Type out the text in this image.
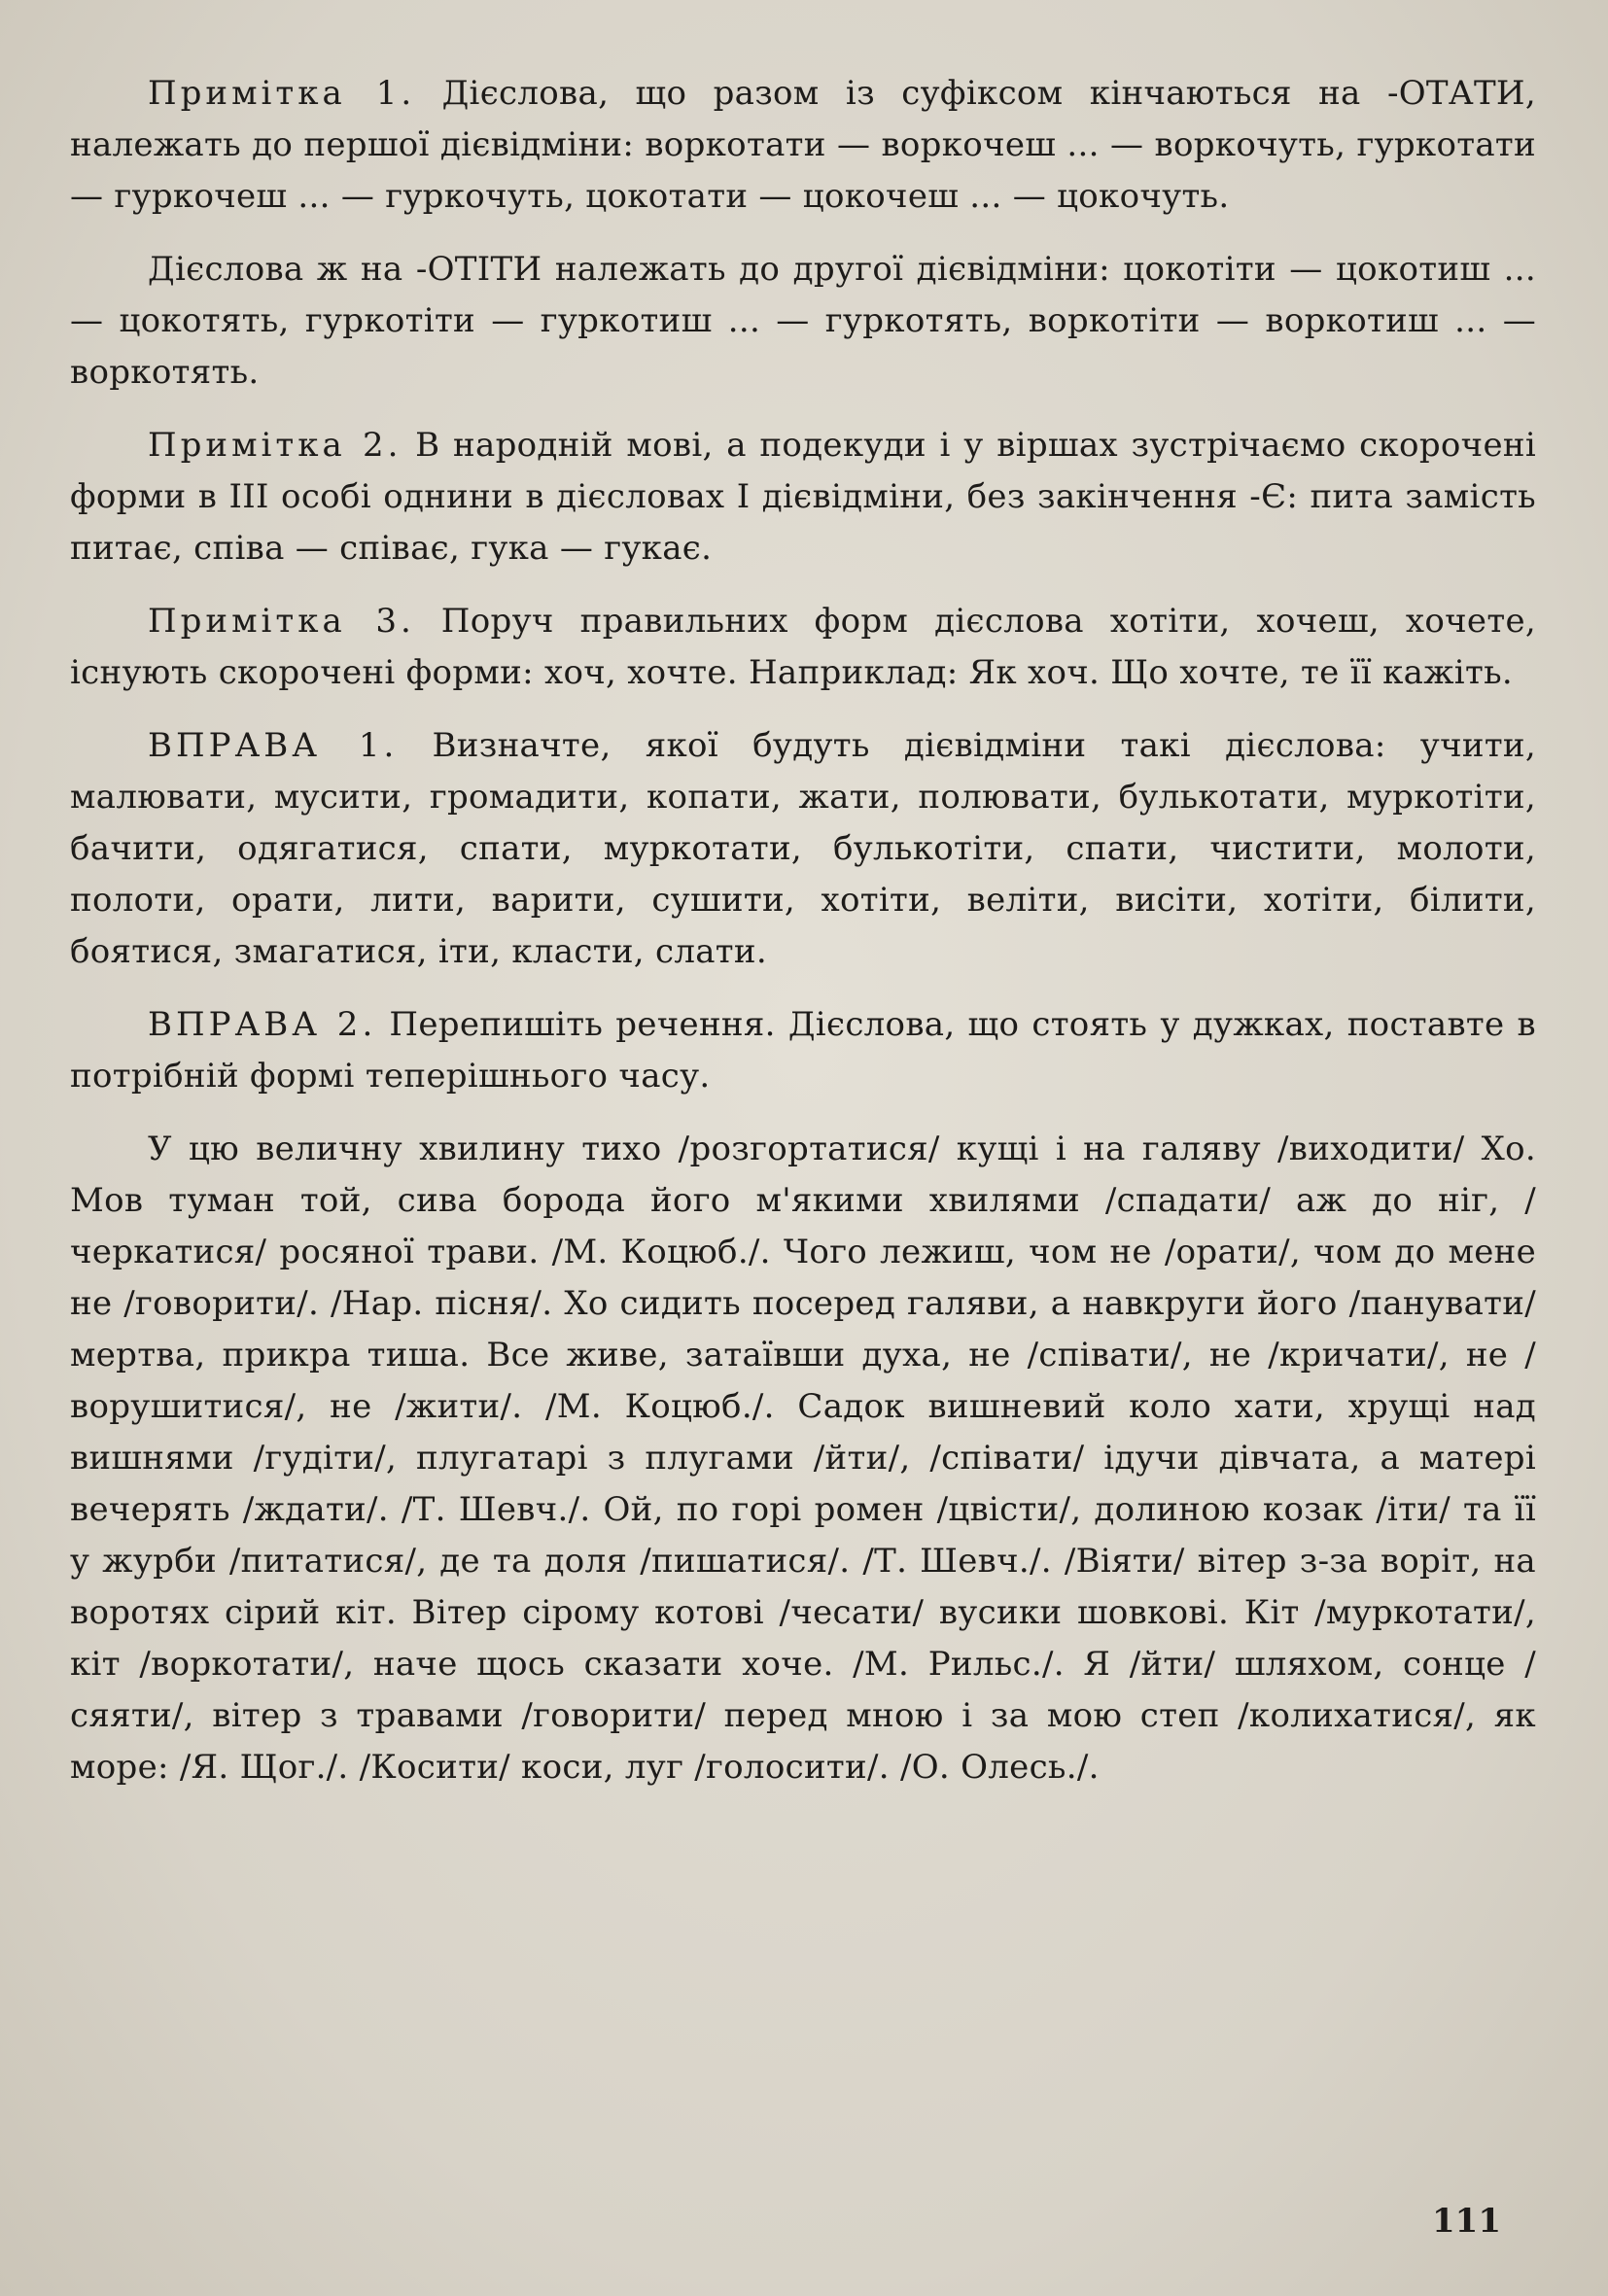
Примітка 1. Дієслова, що разом із суфіксом кінчаються на -ОТАТИ, належать до першої дієвідміни: воркотати — воркочеш ... — воркочуть, гуркотати — гуркочеш ... — гуркочуть, цокотати — цокочеш ... — цокочуть.

Дієслова ж на -ОТІТИ належать до другої дієвідміни: цокотіти — цокотиш ... — цокотять, гуркотіти — гуркотиш ... — гуркотять, воркотіти — воркотиш ... — воркотять.

Примітка 2. В народній мові, а подекуди і у віршах зустрічаємо скорочені форми в III особі однини в дієсловах I дієвідміни, без закінчення -Є: пита замість питає, співа — співає, гука — гукає.

Примітка 3. Поруч правильних форм дієслова хотіти, хочеш, хочете, існують скорочені форми: хоч, хочте. Наприклад: Як хоч. Що хочте, те її кажіть.

ВПРАВА 1. Визначте, якої будуть дієвідміни такі дієслова: учити, малювати, мусити, громадити, копати, жати, полювати, булькотати, муркотіти, бачити, одягатися, спати, муркотати, булькотіти, спати, чистити, молоти, полоти, орати, лити, варити, сушити, хотіти, веліти, висіти, хотіти, білити, боятися, змагатися, іти, класти, слати.

ВПРАВА 2. Перепишіть речення. Дієслова, що стоять у дужках, поставте в потрібній формі теперішнього часу.

У цю величну хвилину тихо /розгортатися/ кущі і на галяву /виходити/ Хо. Мов туман той, сива борода його м'якими хвилями /спадати/ аж до ніг, /черкатися/ росяної трави. /М. Коцюб./. Чого лежиш, чом не /орати/, чом до мене не /говорити/. /Нар. пісня/. Хо сидить посеред галяви, а навкруги його /панувати/ мертва, прикра тиша. Все живе, затаївши духа, не /співати/, не /кричати/, не /ворушитися/, не /жити/. /М. Коцюб./. Садок вишневий коло хати, хрущі над вишнями /гудіти/, плугатарі з плугами /йти/, /співати/ ідучи дівчата, а матері вечерять /ждати/. /Т. Шевч./. Ой, по горі ромен /цвісти/, долиною козак /іти/ та її у журби /питатися/, де та доля /пишатися/. /Т. Шевч./. /Віяти/ вітер з-за воріт, на воротях сірий кіт. Вітер сірому котові /чесати/ вусики шовкові. Кіт /муркотати/, кіт /воркотати/, наче щось сказати хоче. /М. Рильс./. Я /йти/ шляхом, сонце /сяяти/, вітер з травами /говорити/ перед мною і за мою степ /колихатися/, як море: /Я. Щог./. /Косити/ коси, луг /голосити/. /О. Олесь./.

111
